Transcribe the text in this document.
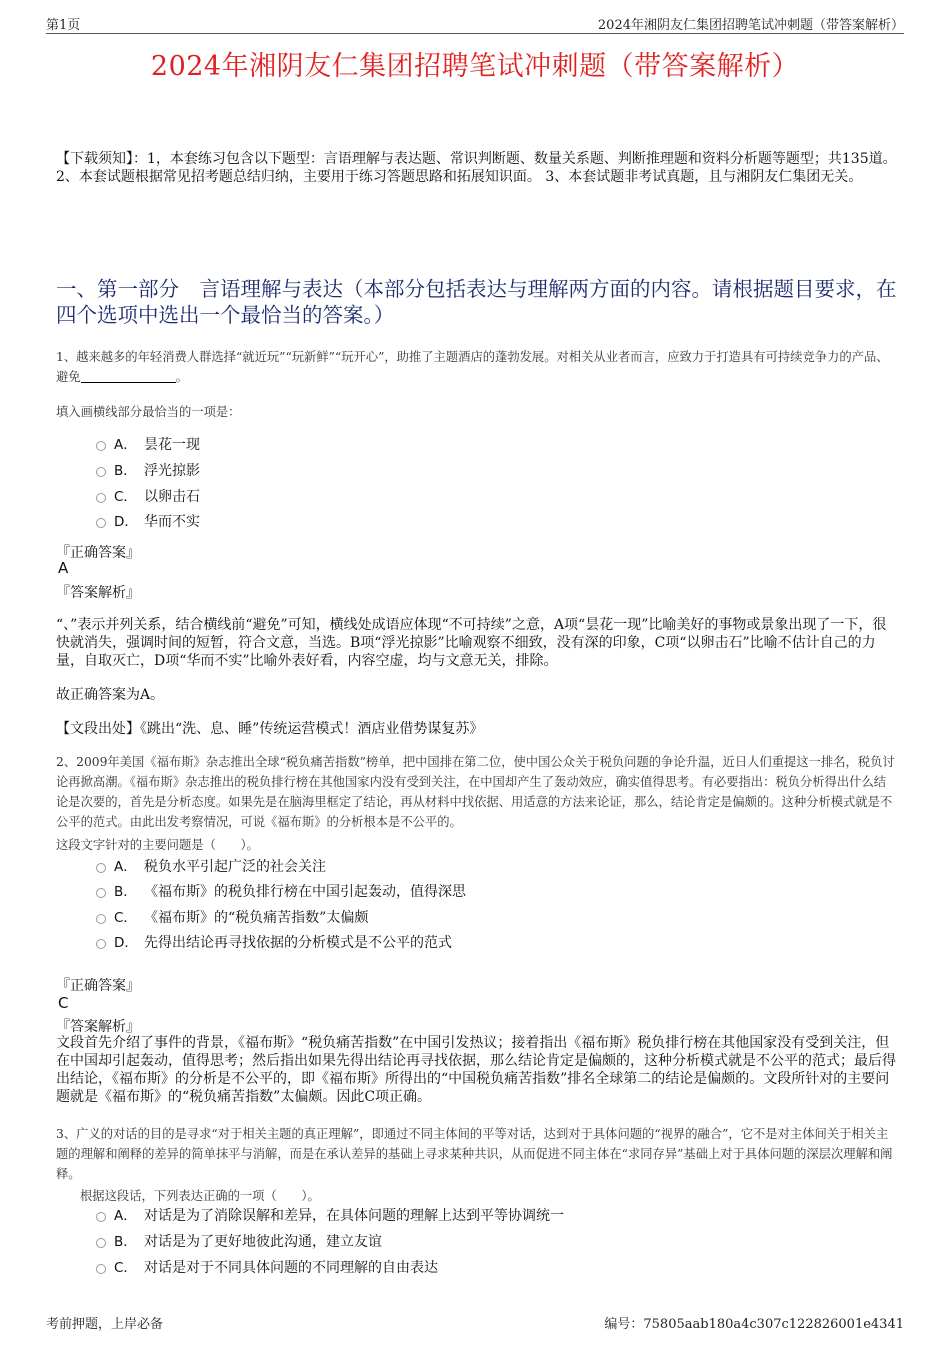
第1页	2024年湘阴友仁集团招聘笔试冲刺题（带答案解析）
2024年湘阴友仁集团招聘笔试冲刺题（带答案解析）
【下载须知】：1，本套练习包含以下题型：言语理解与表达题、常识判断题、数量关系题、判断推理题和资料分析题等题型；共135道。 2、本套试题根据常见招考题总结归纳，主要用于练习答题思路和拓展知识面。 3、本套试题非考试真题，且与湘阴友仁集团无关。
一、第一部分　言语理解与表达（本部分包括表达与理解两方面的内容。请根据题目要求，在四个选项中选出一个最恰当的答案。）
1、越来越多的年轻消费人群选择“就近玩”“玩新鲜”“玩开心”，助推了主题酒店的蓬勃发展。对相关从业者而言，应致力于打造具有可持续竞争力的产品、避免	。
填入画横线部分最恰当的一项是：
A． 昙花一现
B． 浮光掠影
C． 以卵击石
D． 华而不实
『正确答案』
A
『答案解析』
“、”表示并列关系，结合横线前“避免”可知，横线处成语应体现“不可持续”之意，A项“昙花一现”比喻美好的事物或景象出现了一下，很快就消失，强调时间的短暂，符合文意，当选。B项“浮光掠影”比喻观察不细致，没有深的印象，C项“以卵击石”比喻不估计自己的力量，自取灭亡，D项“华而不实”比喻外表好看，内容空虚，均与文意无关，排除。
故正确答案为A。
【文段出处】《跳出“洗、息、睡”传统运营模式！酒店业借势谋复苏》
2、2009年美国《福布斯》杂志推出全球“税负痛苦指数”榜单，把中国排在第二位，使中国公众关于税负问题的争论升温，近日人们重提这一排名，税负讨论再掀高潮。《福布斯》杂志推出的税负排行榜在其他国家内没有受到关注，在中国却产生了轰动效应，确实值得思考。有必要指出：税负分析得出什么结论是次要的，首先是分析态度。如果先是在脑海里框定了结论，再从材料中找依据、用适意的方法来论证，那么，结论肯定是偏颇的。这种分析模式就是不公平的范式。由此出发考察情况，可说《福布斯》的分析根本是不公平的。
这段文字针对的主要问题是（　　）。
A． 税负水平引起广泛的社会关注
B． 《福布斯》的税负排行榜在中国引起轰动，值得深思
C． 《福布斯》的“税负痛苦指数”太偏颇
D． 先得出结论再寻找依据的分析模式是不公平的范式
『正确答案』
C
『答案解析』
文段首先介绍了事件的背景，《福布斯》“税负痛苦指数”在中国引发热议；接着指出《福布斯》税负排行榜在其他国家没有受到关注，但在中国却引起轰动，值得思考；然后指出如果先得出结论再寻找依据，那么结论肯定是偏颇的，这种分析模式就是不公平的范式；最后得出结论，《福布斯》的分析是不公平的，即《福布斯》所得出的“中国税负痛苦指数”排名全球第二的结论是偏颇的。文段所针对的主要问题就是《福布斯》的“税负痛苦指数”太偏颇。因此C项正确。
3、广义的对话的目的是寻求“对于相关主题的真正理解”，即通过不同主体间的平等对话，达到对于具体问题的“视界的融合”，它不是对主体间关于相关主题的理解和阐释的差异的简单抹平与消解，而是在承认差异的基础上寻求某种共识，从而促进不同主体在“求同存异”基础上对于具体问题的深层次理解和阐释。
根据这段话，下列表达正确的一项（　　）。
A． 对话是为了消除误解和差异，在具体问题的理解上达到平等协调统一
B． 对话是为了更好地彼此沟通，建立友谊
C． 对话是对于不同具体问题的不同理解的自由表达
考前押题，上岸必备	编号：75805aab180a4c307c122826001e4341
